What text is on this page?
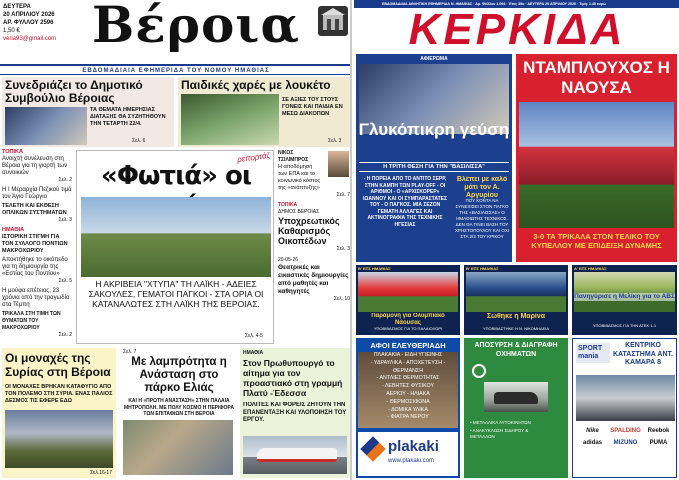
ΔΕΥΤΕΡΑ
20 ΑΠΡΙΛΙΟΥ 2026
ΑΡ. ΦΥΛΛΟΥ 2596
1,50 €
veria93@gmail.com Βέροια
ΕΒΔΟΜΑΔΙΑΙΑ ΕΦΗΜΕΡΙΔΑ ΤΟΥ ΝΟΜΟΥ ΗΜΑΘΙΑΣ
Συνεδριάζει το Δημοτικό Συμβούλιο Βέροιας
ΤΑ ΘΕΜΑΤΑ ΗΜΕΡΗΣΙΑΣ ΔΙΑΤΑΞΗΣ ΘΑ ΣΥΖΗΤΗΘΟΥΝ ΤΗΝ ΤΕΤΑΡΤΗ 22/4.
Σελ. 6
Παιδικές χαρές με λουκέτο
ΣΕ ΑΞΙΕΣ ΤΟΥ ΣΤΟΥΣ ΓΟΝΕΙΣ ΚΑΙ ΠΑΙΔΙΑ ΕΝ ΜΕΣΩ ΔΙΑΚΟΠΩΝ
Σελ. 3
ΤΟΠΙΚΑ
Ανοιχτή συνέλευση στη Βέροια για τη γιορτή των συνοικιών
Σελ. 2
Η Ι Μεραρχία Πεζικού τιμά τον Άγιο Γεώργιο
ΤΕΛΕΤΗ ΚΑΙ ΕΚΘΕΣΗ ΟΠΛΙΚΩΝ ΣΥΣΤΗΜΑΤΩΝ
Σελ. 3
ΗΜΑΘΙΑ
ΙΣΤΟΡΙΚΗ ΣΤΙΓΜΗ ΓΙΑ ΤΟΝ ΣΥΛΛΟΓΟ ΠΟΝΤΙΩΝ ΜΑΚΡΟΧΩΡΙΟΥ
Αποκτήθηκε το οικόπεδο για τη δημιουργία της «Εστίας του Ποντίου»
Σελ. 5
Η μούφα επέτειος, 23 χρόνια από την τραγωδία στα Τέμπη
ΤΡΙΚΑΛΑ ΣΤΗ ΤΙΜΗ ΤΩΝ ΘΥΜΑΤΩΝ ΤΟΥ ΜΑΚΡΟΧΩΡΙΟΥ
Σελ. 2
ρεπορτάζ
«Φωτιά» οι
Η ΑΚΡΙΒΕΙΑ "ΧΤΥΠΑ" ΤΗ ΛΑΪΚΗ - ΑΔΕΙΕΣ ΣΑΚΟΥΛΕΣ, ΓΕΜΑΤΟΙ ΠΑΓΚΟΙ - ΣΤΑ ΟΡΙΑ ΟΙ ΚΑΤΑΝΑΛΩΤΕΣ ΣΤΗ ΛΑΪΚΗ ΤΗΣ ΒΕΡΟΙΑΣ.
Σελ. 4-5
ΝΙΚΟΣ ΤΣΙΛΙΜΠΡΟΣ
Η αποδόμηση των ΕΠΑ και το κοινωνικό κόστος της «ανάπτυξης»
Σελ. 7
ΤΟΠΙΚΑ
ΔΗΜΟΣ ΒΕΡΟΙΑΣ
Υποχρεωτικός Καθαρισμός Οικοπέδων
Σελ. 3
20-05-26
Θεατρικές και εικαστικές δημιουργίες από μαθητές και καθηγητές
Σελ. 10
Οι μοναχές της Συρίας στη Βέροια
ΟΙ ΜΟΝΑΧΕΣ ΒΡΗΚΑΝ ΚΑΤΑΦΥΓΙΟ ΑΠΟ ΤΟΝ ΠΟΛΕΜΟ ΣΤΗ ΣΥΡΙΑ. ΕΝΑΣ ΠΑΛΙΟΣ ΔΕΣΜΟΣ ΤΙΣ ΕΦΕΡΕ ΕΔΩ
Σελ.16-17
Σελ. 7
Με λαμπρότητα η Ανάσταση στο πάρκο Ελιάς
ΚΑΙ Η «ΠΡΩΤΗ ΑΝΑΣΤΑΣΗ» ΣΤΗΝ ΠΑΛΑΙΑ ΜΗΤΡΟΠΟΛΗ. ΜΕ ΠΟΛΥ ΚΟΣΜΟ Η ΠΕΡΙΦΟΡΑ ΤΩΝ ΕΠΙΤΑΦΙΩΝ ΣΤΗ ΒΕΡΟΙΑ
ΗΜΑΘΙΑ
Στον Πρωθυπουργό το αίτημα για τον προαστιακό στη γραμμή Πλατύ -Έδεσσα
ΠΟΛΙΤΕΣ ΚΑΙ ΦΟΡΕΙΣ ΖΗΤΟΥΝ ΤΗΝ ΕΠΑΝΕΝΤΑΞΗ ΚΑΙ ΥΛΟΠΟΙΗΣΗ ΤΟΥ ΕΡΓΟΥ.
ΕΒΔΟΜΑΔΙΑΙΑ ΑΘΛΗΤΙΚΗ ΕΦΗΜΕΡΙΔΑ Ν. ΗΜΑΘΙΑΣ · Αρ. Φύλλου 1.094 · Έτος 39ο · ΔΕΥΤΕΡΑ 20 ΑΠΡΙΛΙΟΥ 2026 · Τιμή: 1.40 ευρώ
ΚΕΡΚΙΔΑ
ΑΦΙΕΡΩΜΑ
Γλυκόπικρη γεύση
Η ΤΡΙΤΗ ΘΕΣΗ ΓΙΑ ΤΗΝ "ΒΑΣΙΛΙΣΣΑ"
- Η ΠΟΡΕΙΑ ΑΠΟ ΤΟ ΑΝΤΙΤΟ ΣΕΡΡ, ΣΤΗΝ ΚΑΜΠΗ ΤΩΝ PLAY-OFF - ΟΙ ΑΡΙΘΜΟΙ - Ο «ΑΡΧΙΣΚΟΡΕΡ» ΙΩΑΝΝΟΥ ΚΑΙ ΟΙ ΣΥΜΠΑΡΑΣΤΑΤΕΣ ΤΟΥ - Ο ΠΑΓΚΟΣ. ΜΙΑ ΣΕΖΟΝ ΓΕΜΑΤΗ ΑΛΛΑΓΕΣ ΚΑΙ ΑΚΤΙΝΟΓΡΑΦΙΑ ΤΗΣ ΤΕΧΝΙΚΗΣ ΗΓΕΣΙΑΣ
Βλέπει με καλό μάτι τον Α. Αργυρίου
ΠΟΥ ΚΟΝΤΑ ΝΑ ΣΥΝΕΧΙΣΕΙ ΣΤΟΝ ΠΑΓΚΟ ΤΗΣ «ΒΑΣΙΛΙΣΣΑΣ» Ο ΗΜΑΘΙΩΤΗΣ ΤΕΧΝΙΚΟΣ. ΔΕΝ ΘΑ ΓΙΝΕΙ ΒΑΣΗ ΤΟΥ ΧΡΗΣΤΟΠΟΥΛΟΥ ΚΑΙ ΟΧΙ ΣΤΑ 2/3 ΤΟΥ ΚΡΙΚΟΥ
ΝΤΑΜΠΛΟΥΧΟΣ Η ΝΑΟΥΣΑ
3-0 ΤΑ ΤΡΙΚΑΛΑ ΣΤΟΝ ΤΕΛΙΚΟ ΤΟΥ ΚΥΠΕΛΛΟΥ ΜΕ ΕΠΙΔΕΙΞΗ ΔΥΝΑΜΗΣ
Β' ΕΠΣ ΗΜΑΘΙΑΣ
Παράμονη για Ολυμπιακό Νάουσας
ΥΠΟΒΙΒΑΣΜΟΣ ΓΙΑ ΤΟ ΠΑΛΑΙΟΧΩΡΙ
Β' ΕΠΣ ΗΜΑΘΙΑΣ
Σώθηκε η Μαρίνα
ΥΠΟΒΙΒΑΣΤΗΚΕ Η Ν. ΝΙΚΟΜΗΔΕΙΑ
Α' ΕΠΣ ΗΜΑΘΙΑΣ
Πανηγύρισε η Μελίκη για το ΑΒΣ
ΥΠΟΒΙΒΑΣΜΟΣ ΓΙΑ ΤΗΝ ΑΤΕΚ 1-1
ΑΦΟΙ ΕΛΕΥΘΕΡΙΑΔΗ
ΠΛΑΚΑΚΙΑ - ΕΙΔΗ ΥΓΙΕΙΝΗΣ
- ΥΔΡΑΥΛΙΚΑ - ΑΠΟΧΕΤΕΥΣΗ -
ΘΕΡΜΑΝΣΗ
- ΑΝΤΛΙΕΣ ΘΕΡΜΟΤΗΤΑΣ
- ΛΕΒΗΤΕΣ ΦΥΣΙΚΟΥ
ΑΕΡΙΟΥ - ΗΛΙΑΚΑ
- ΘΕΡΜΟΣΙΦΩΝΑ
- ΔΟΜΙΚΑ ΥΛΙΚΑ
- ΦΙΑΤΡΑ ΝΕΡΟΥ
plakaki
www.plakaki.com
ΑΠΟΣΥΡΣΗ & ΔΙΑΓΡΑΦΗ ΟΧΗΜΑΤΩΝ
• ΜΕΤΑΛΛΙΚΑ ΑΥΤΟΚΙΝΗΤΩΝ
• ΑΝΑΚΥΚΛΩΣΗ ΣΙΔΗΡΟΥ & ΜΕΤΑΛΛΩΝ
SPORT mania
ΚΕΝΤΡΙΚΟ ΚΑΤΑΣΤΗΜΑ ΑΝΤ. ΚΑΜΑΡΑ 8
Nike	SPALDING	Reebok
adidas	MIZUNO	PUMA
